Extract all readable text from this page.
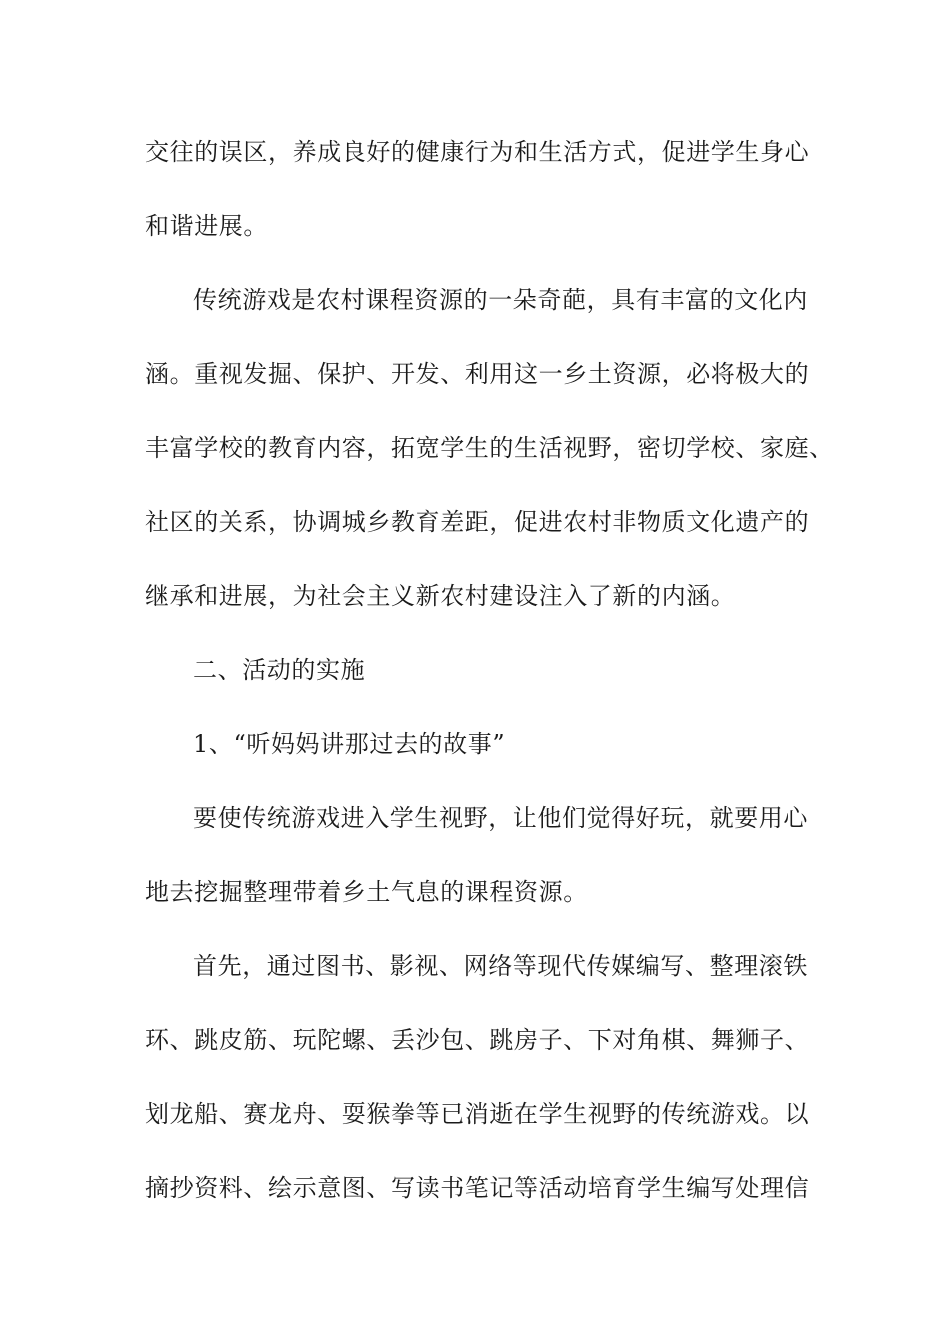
交往的误区，养成良好的健康行为和生活方式，促进学生身心
和谐进展。
传统游戏是农村课程资源的一朵奇葩，具有丰富的文化内
涵。重视发掘、保护、开发、利用这一乡土资源，必将极大的
丰富学校的教育内容，拓宽学生的生活视野，密切学校、家庭、
社区的关系，协调城乡教育差距，促进农村非物质文化遗产的
继承和进展，为社会主义新农村建设注入了新的内涵。
二、活动的实施
1、“听妈妈讲那过去的故事”
要使传统游戏进入学生视野，让他们觉得好玩，就要用心
地去挖掘整理带着乡土气息的课程资源。
首先，通过图书、影视、网络等现代传媒编写、整理滚铁
环、跳皮筋、玩陀螺、丢沙包、跳房子、下对角棋、舞狮子、
划龙船、赛龙舟、耍猴拳等已消逝在学生视野的传统游戏。以
摘抄资料、绘示意图、写读书笔记等活动培育学生编写处理信
